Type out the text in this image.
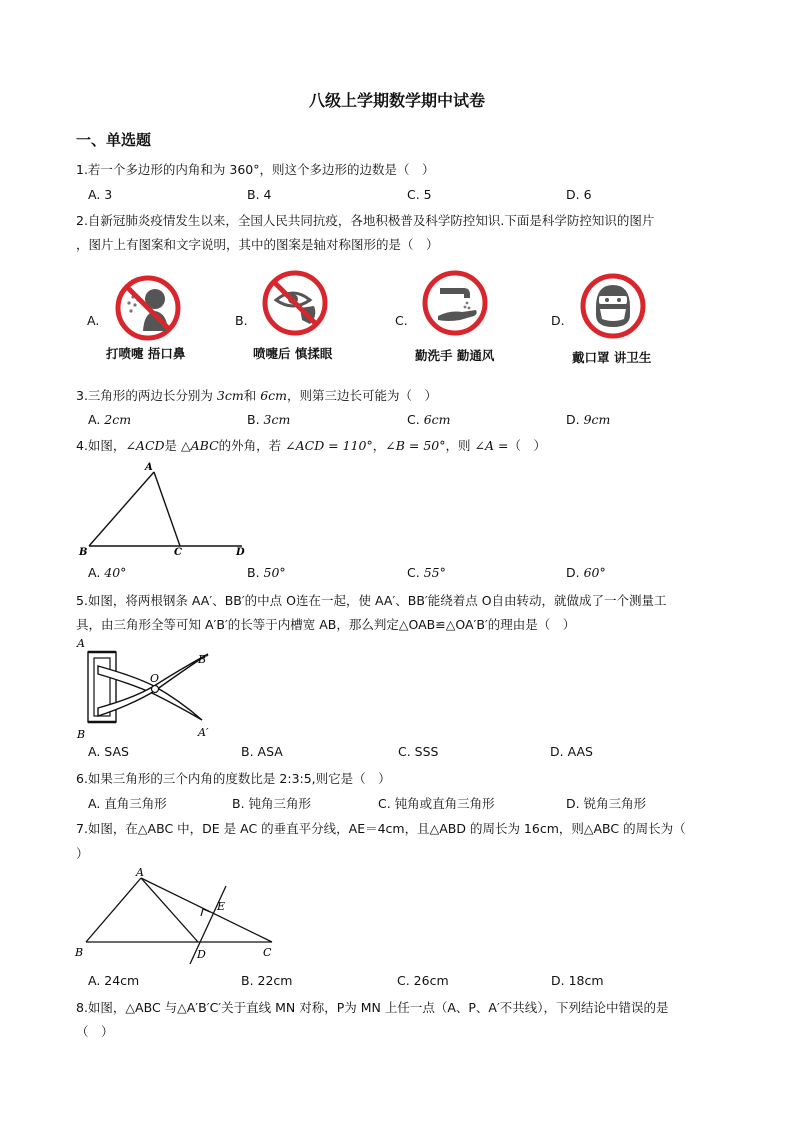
八级上学期数学期中试卷
一、单选题
1.若一个多边形的内角和为 360°，则这个多边形的边数是（　）
A. 3	B. 4	C. 5	D. 6
2.自新冠肺炎疫情发生以来，全国人民共同抗疫，各地积极普及科学防控知识.下面是科学防控知识的图片
，图片上有图案和文字说明，其中的图案是轴对称图形的是（　）
A.
打喷嚏 捂口鼻
B.
喷嚏后 慎揉眼
C.
勤洗手 勤通风
D.
戴口罩 讲卫生
3.三角形的两边长分别为 3cm和 6cm，则第三边长可能为（　）
A. 2cm	B. 3cm	C. 6cm	D. 9cm
4.如图，∠ACD是 △ABC的外角，若 ∠ACD = 110°，∠B = 50°，则 ∠A =（　）
A
B	C	D
A. 40°	B. 50°	C. 55°	D. 60°
5.如图，将两根钢条 AA′、BB′的中点 O连在一起，使 AA′、BB′能绕着点 O自由转动，就做成了一个测量工
具，由三角形全等可知 A′B′的长等于内槽宽 AB，那么判定△OAB≌△OA′B′的理由是（　）
A
B
O
A′
B′
A. SAS	B. ASA	C. SSS	D. AAS
6.如果三角形的三个内角的度数比是 2:3:5,则它是（　）
A. 直角三角形	B. 钝角三角形	C. 钝角或直角三角形	D. 锐角三角形
7.如图，在△ABC 中，DE 是 AC 的垂直平分线，AE＝4cm，且△ABD 的周长为 16cm，则△ABC 的周长为（
）
A
B	C
D
E
A. 24cm	B. 22cm	C. 26cm	D. 18cm
8.如图，△ABC 与△A′B′C′关于直线 MN 对称，P为 MN 上任一点（A、P、A′不共线），下列结论中错误的是
（　）
